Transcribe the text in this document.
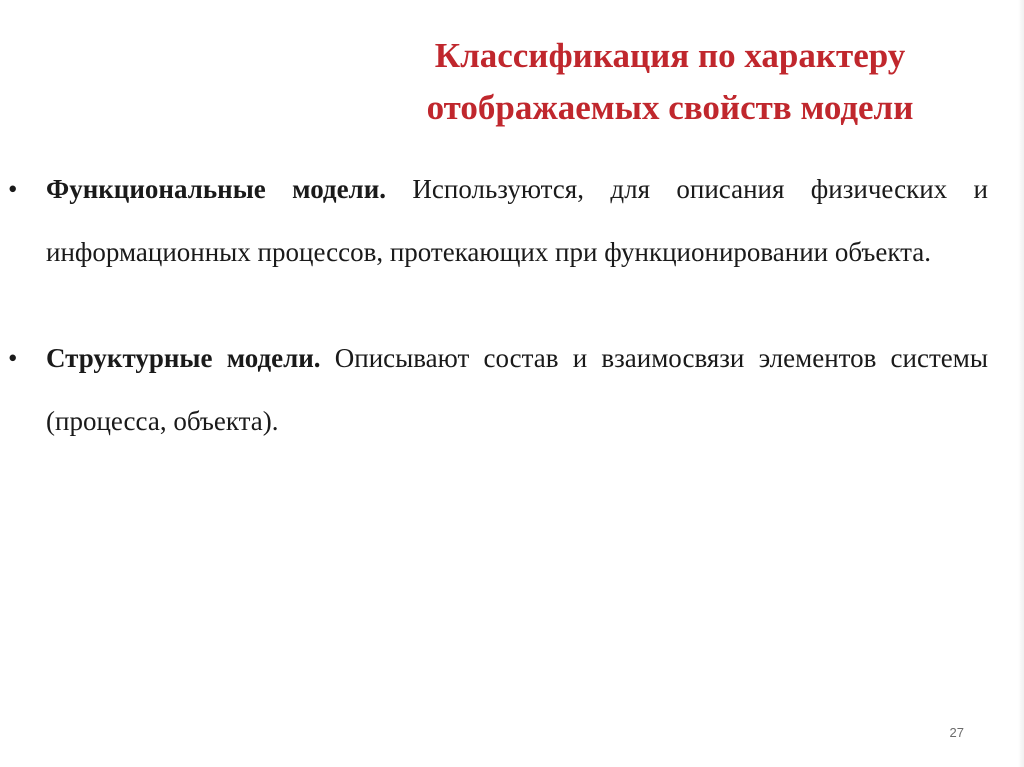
Классификация по характеру отображаемых свойств модели
• Функциональные модели. Используются, для описания физических и информационных процессов, протекающих при функционировании объекта.
• Структурные модели. Описывают состав и взаимосвязи элементов системы (процесса, объекта).
27
